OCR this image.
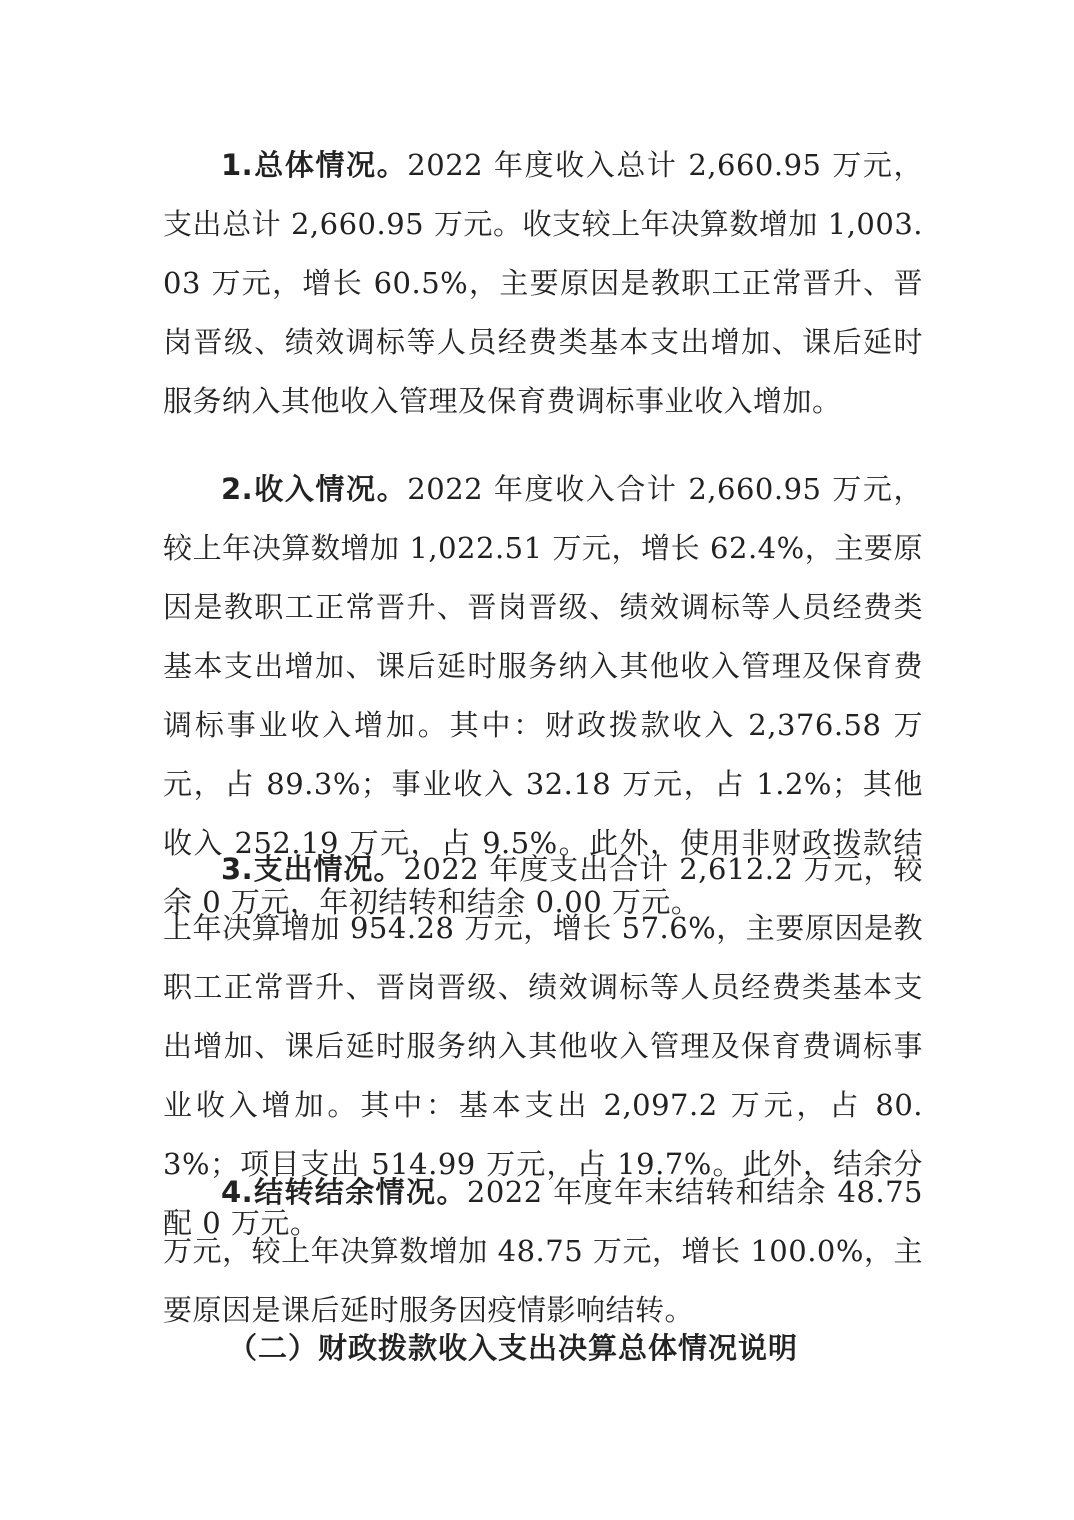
1.总体情况。2022 年度收入总计 2,660.95 万元，支出总计 2,660.95 万元。收支较上年决算数增加 1,003.03 万元，增长 60.5%，主要原因是教职工正常晋升、晋岗晋级、绩效调标等人员经费类基本支出增加、课后延时服务纳入其他收入管理及保育费调标事业收入增加。

2.收入情况。2022 年度收入合计 2,660.95 万元，较上年决算数增加 1,022.51 万元，增长 62.4%，主要原因是教职工正常晋升、晋岗晋级、绩效调标等人员经费类基本支出增加、课后延时服务纳入其他收入管理及保育费调标事业收入增加。其中：财政拨款收入 2,376.58 万元，占 89.3%；事业收入 32.18 万元，占 1.2%；其他收入 252.19 万元，占 9.5%。此外，使用非财政拨款结余 0 万元，年初结转和结余 0.00 万元。

3.支出情况。2022 年度支出合计 2,612.2 万元，较上年决算增加 954.28 万元，增长 57.6%，主要原因是教职工正常晋升、晋岗晋级、绩效调标等人员经费类基本支出增加、课后延时服务纳入其他收入管理及保育费调标事业收入增加。其中：基本支出 2,097.2 万元，占 80.3%；项目支出 514.99 万元，占 19.7%。此外，结余分配 0 万元。

4.结转结余情况。2022 年度年末结转和结余 48.75 万元，较上年决算数增加 48.75 万元，增长 100.0%，主要原因是课后延时服务因疫情影响结转。

（二）财政拨款收入支出决算总体情况说明
